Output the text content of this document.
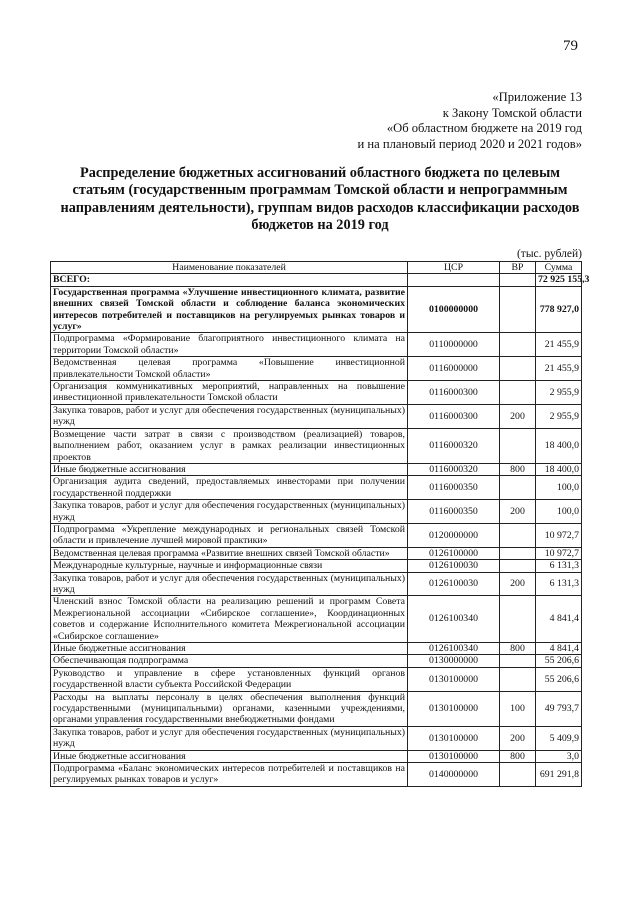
79
«Приложение 13
к Закону Томской области
«Об областном бюджете на 2019 год
и на плановый период 2020 и 2021 годов»
Распределение бюджетных ассигнований областного бюджета по целевым статьям (государственным программам Томской области и непрограммным направлениям деятельности), группам видов расходов классификации расходов бюджетов на 2019 год
(тыс. рублей)
Наименование показателей	ЦСР	ВР	Сумма
ВСЕГО:			72 925 155,3
Государственная программа «Улучшение инвестиционного климата, развитие внешних связей Томской области и соблюдение баланса экономических интересов потребителей и поставщиков на регулируемых рынках товаров и услуг»	0100000000		778 927,0
Подпрограмма «Формирование благоприятного инвестиционного климата на территории Томской области»	0110000000		21 455,9
Ведомственная целевая программа «Повышение инвестиционной привлекательности Томской области»	0116000000		21 455,9
Организация коммуникативных мероприятий, направленных на повышение инвестиционной привлекательности Томской области	0116000300		2 955,9
Закупка товаров, работ и услуг для обеспечения государственных (муниципальных) нужд	0116000300	200	2 955,9
Возмещение части затрат в связи с производством (реализацией) товаров, выполнением работ, оказанием услуг в рамках реализации инвестиционных проектов	0116000320		18 400,0
Иные бюджетные ассигнования	0116000320	800	18 400,0
Организация аудита сведений, предоставляемых инвесторами при получении государственной поддержки	0116000350		100,0
Закупка товаров, работ и услуг для обеспечения государственных (муниципальных) нужд	0116000350	200	100,0
Подпрограмма «Укрепление международных и региональных связей Томской области и привлечение лучшей мировой практики»	0120000000		10 972,7
Ведомственная целевая программа «Развитие внешних связей Томской области»	0126100000		10 972,7
Международные культурные, научные и информационные связи	0126100030		6 131,3
Закупка товаров, работ и услуг для обеспечения государственных (муниципальных) нужд	0126100030	200	6 131,3
Членский взнос Томской области на реализацию решений и программ Совета Межрегиональной ассоциации «Сибирское соглашение», Координационных советов и содержание Исполнительного комитета Межрегиональной ассоциации «Сибирское соглашение»	0126100340		4 841,4
Иные бюджетные ассигнования	0126100340	800	4 841,4
Обеспечивающая подпрограмма	0130000000		55 206,6
Руководство и управление в сфере установленных функций органов государственной власти субъекта Российской Федерации	0130100000		55 206,6
Расходы на выплаты персоналу в целях обеспечения выполнения функций государственными (муниципальными) органами, казенными учреждениями, органами управления государственными внебюджетными фондами	0130100000	100	49 793,7
Закупка товаров, работ и услуг для обеспечения государственных (муниципальных) нужд	0130100000	200	5 409,9
Иные бюджетные ассигнования	0130100000	800	3,0
Подпрограмма «Баланс экономических интересов потребителей и поставщиков на регулируемых рынках товаров и услуг»	0140000000		691 291,8
